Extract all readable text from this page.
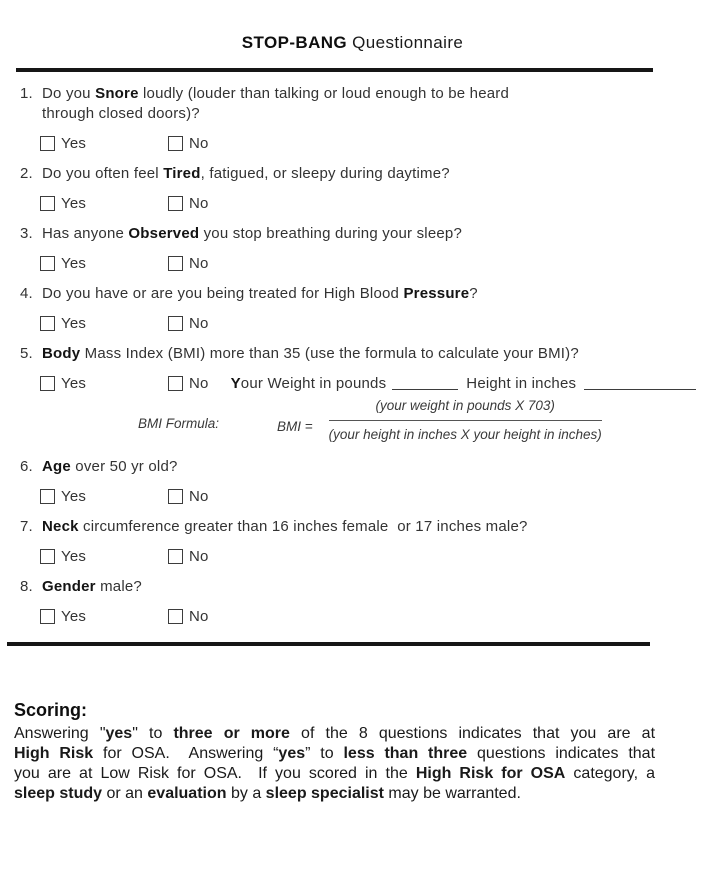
STOP-BANG Questionnaire
1. Do you Snore loudly (louder than talking or loud enough to be heard through closed doors)?
Yes	No
2. Do you often feel Tired, fatigued, or sleepy during daytime?
Yes	No
3. Has anyone Observed you stop breathing during your sleep?
Yes	No
4. Do you have or are you being treated for High Blood Pressure?
Yes	No
5. Body Mass Index (BMI) more than 35 (use the formula to calculate your BMI)?
Yes	No Your Weight in pounds	Height in inches
BMI Formula:	BMI = $\frac{\text{(your weight in pounds X 703)}}{\text{(your height in inches X your height in inches)}}$
6. Age over 50 yr old?
Yes	No
7. Neck circumference greater than 16 inches female  or 17 inches male?
Yes	No
8. Gender male?
Yes	No
Scoring:
Answering "yes" to three or more of the 8 questions indicates that you are at
High Risk for OSA.  Answering “yes” to less than three questions indicates that
you are at Low Risk for OSA.  If you scored in the High Risk for OSA category, a
sleep study or an evaluation by a sleep specialist may be warranted.
